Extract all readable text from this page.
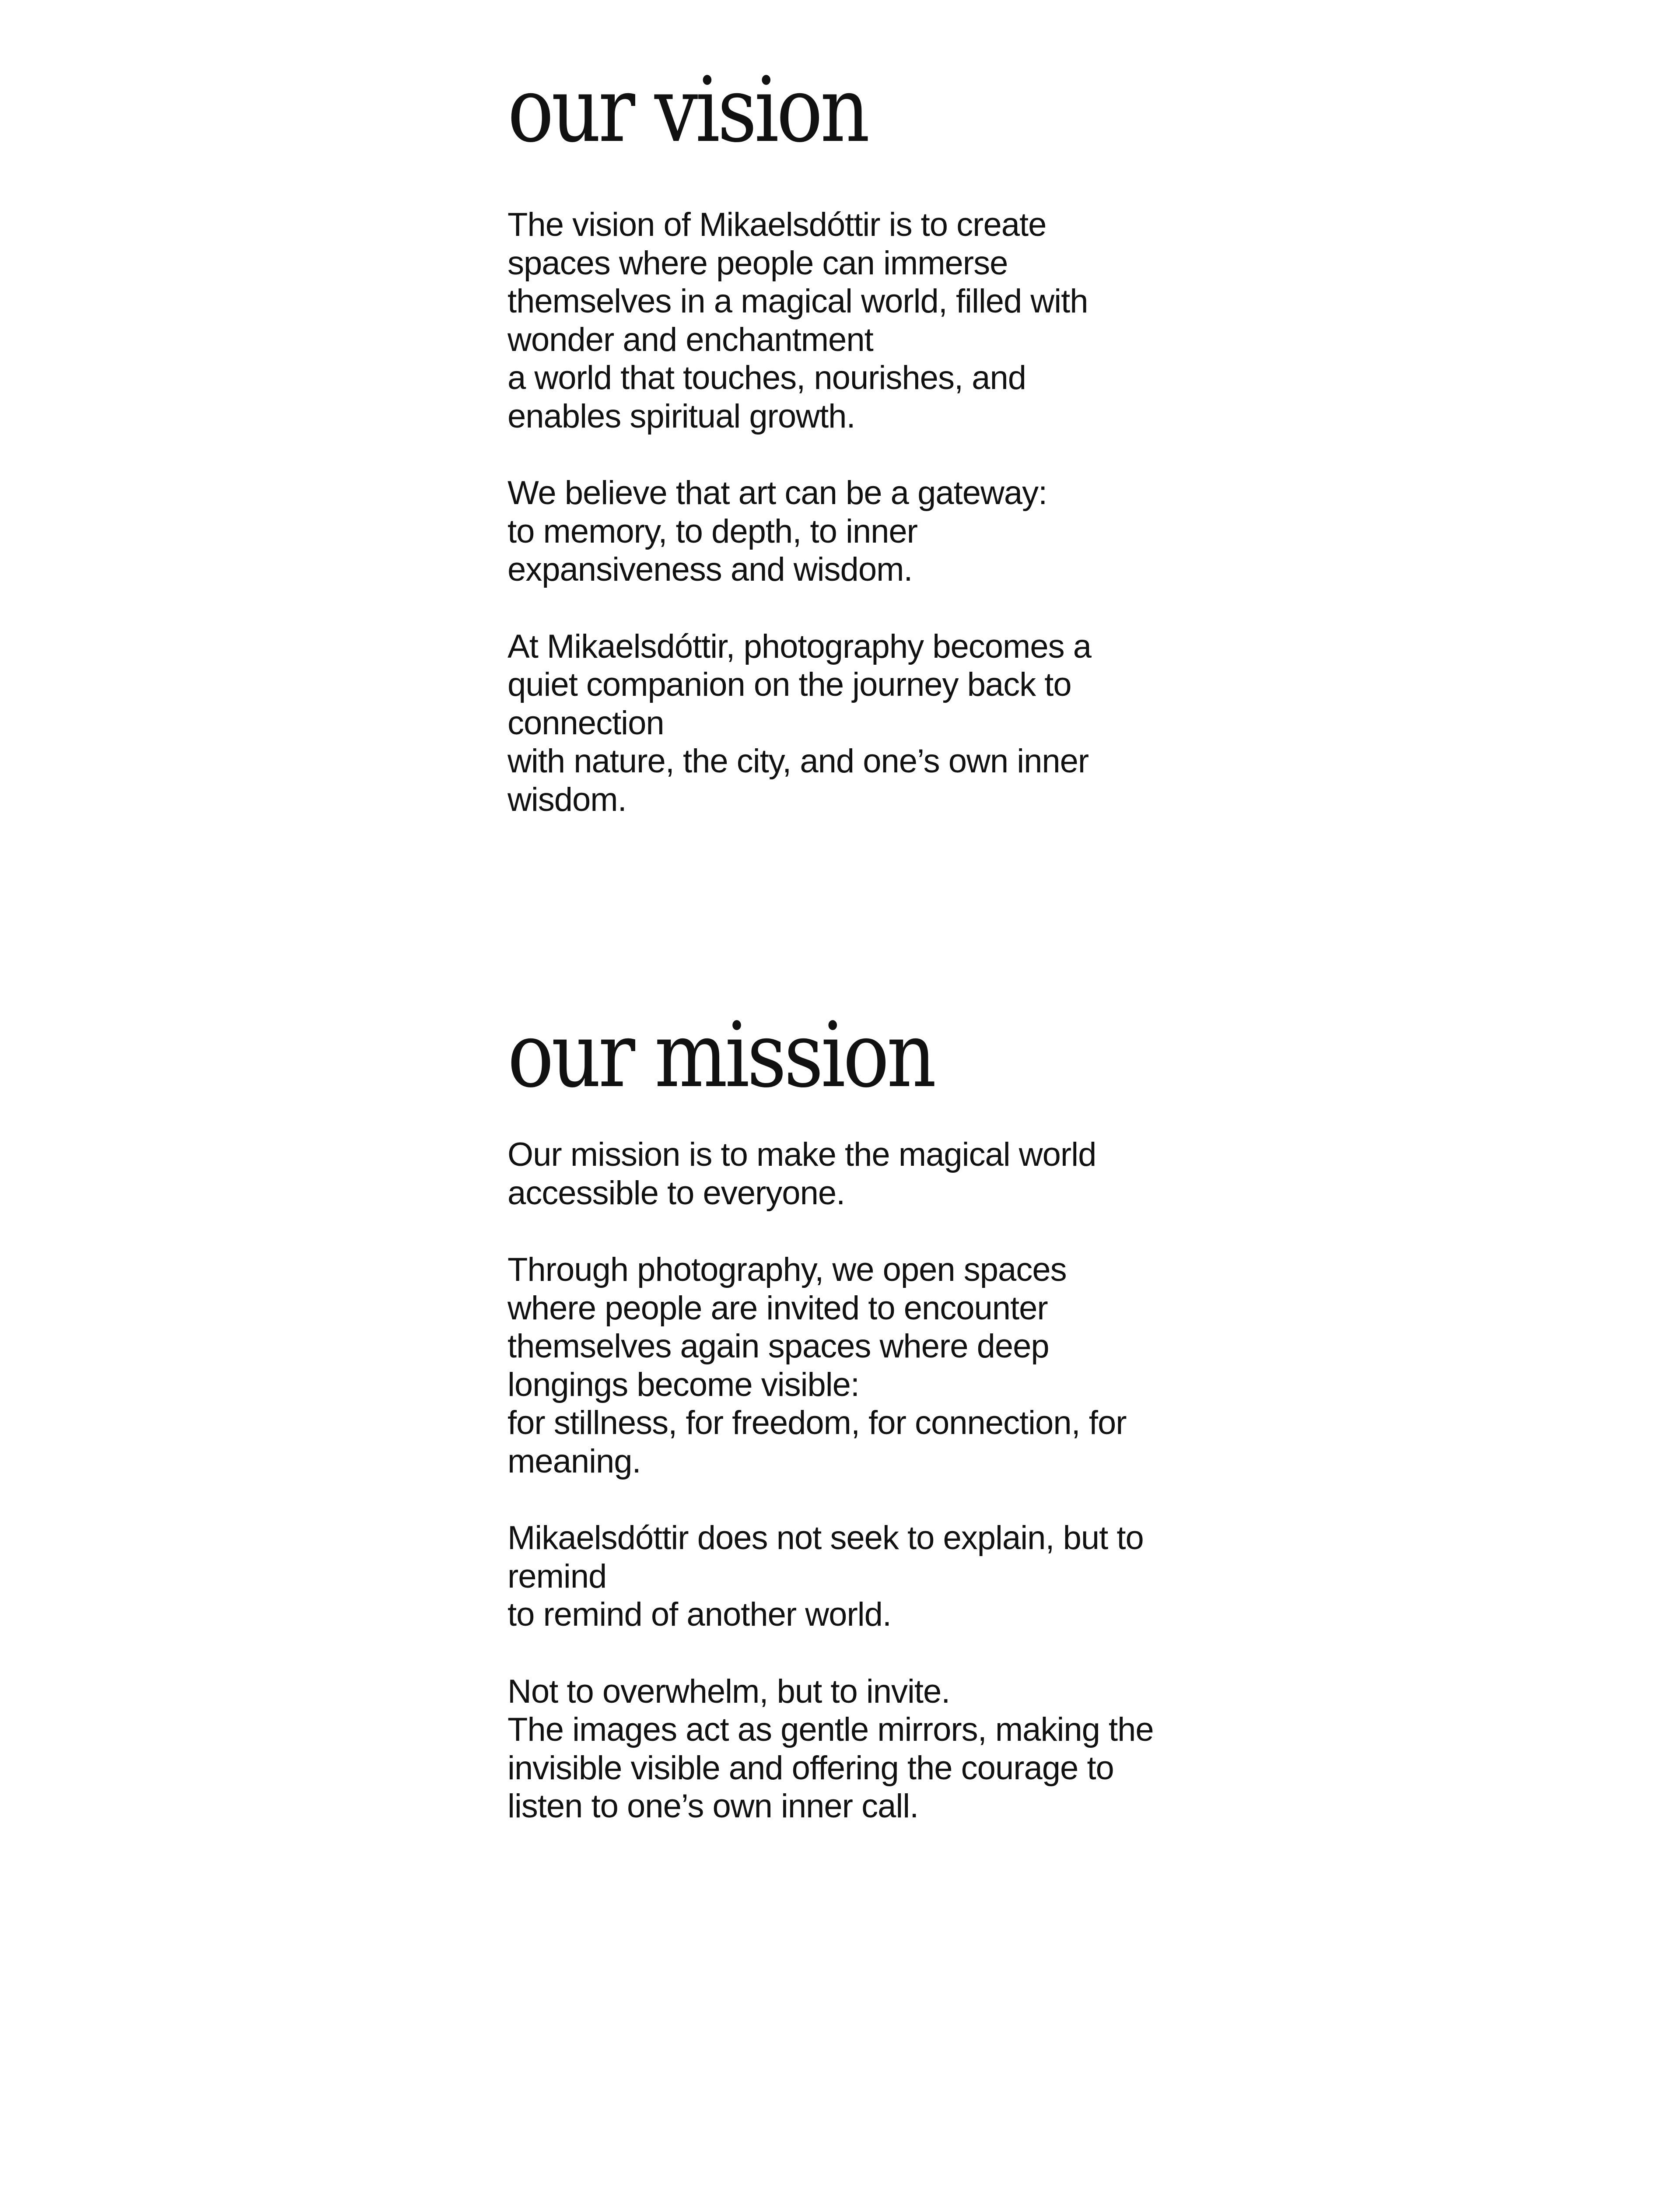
our vision

The vision of Mikaelsdóttir is to create
spaces where people can immerse
themselves in a magical world, filled with
wonder and enchantment
a world that touches, nourishes, and
enables spiritual growth.

We believe that art can be a gateway:
to memory, to depth, to inner
expansiveness and wisdom.

At Mikaelsdóttir, photography becomes a
quiet companion on the journey back to
connection
with nature, the city, and one’s own inner
wisdom.

our mission

Our mission is to make the magical world
accessible to everyone.

Through photography, we open spaces
where people are invited to encounter
themselves again spaces where deep
longings become visible:
for stillness, for freedom, for connection, for
meaning.

Mikaelsdóttir does not seek to explain, but to
remind
to remind of another world.

Not to overwhelm, but to invite.
The images act as gentle mirrors, making the
invisible visible and offering the courage to
listen to one’s own inner call.
